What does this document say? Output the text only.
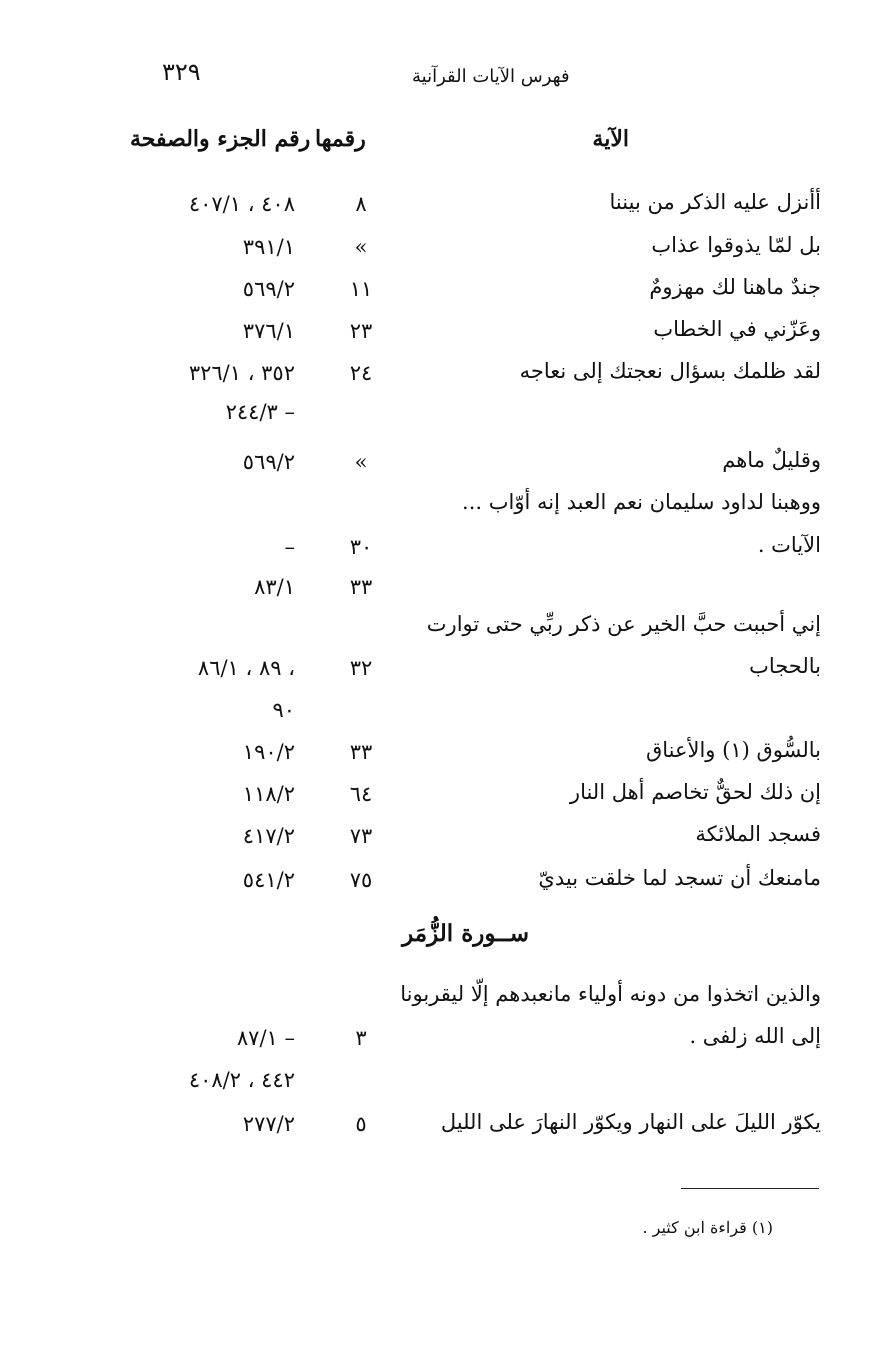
٣٢٩	فهرس الآيات القرآنية
رقم الجزء والصفحة رقمها	الآية
أأنزل عليه الذكر من بيننا
٨
٤٠٨ ، ٤٠٧/١
بل لمّا يذوقوا عذاب
»
٣٩١/١
جندٌ ماهنا لك مهزومٌ
١١
٥٦٩/٢
وعَزّني في الخطاب
٢٣
٣٧٦/١
لقد ظلمك بسؤال نعجتك إلى نعاجه
٢٤
٣٥٢ ، ٣٢٦/١
– ٢٤٤/٣
وقليلٌ ماهم
»
٥٦٩/٢
ووهبنا لداود سليمان نعم العبد إنه أوّاب ...
الآيات .
٣٠
–
٣٣
٨٣/١
إني أحببت حبَّ الخير عن ذكر ربِّي حتى توارت
بالحجاب
٣٢
، ٨٩ ، ٨٦/١
٩٠
بالسُّوق (١) والأعناق
٣٣
١٩٠/٢
إن ذلك لحقٌّ تخاصم أهل النار
٦٤
١١٨/٢
فسجد الملائكة
٧٣
٤١٧/٢
مامنعك أن تسجد لما خلقت بيديّ
٧٥
٥٤١/٢
والذين اتخذوا من دونه أولياء مانعبدهم إلّا ليقربونا
إلى الله زلفى .
٣
– ٨٧/١
٤٤٢ ، ٤٠٨/٢
يكوّر الليلَ على النهار ويكوّر النهارَ على الليل
٥
٢٧٧/٢
ســورة الزُّمَر
(١) قراءة ابن كثير .
